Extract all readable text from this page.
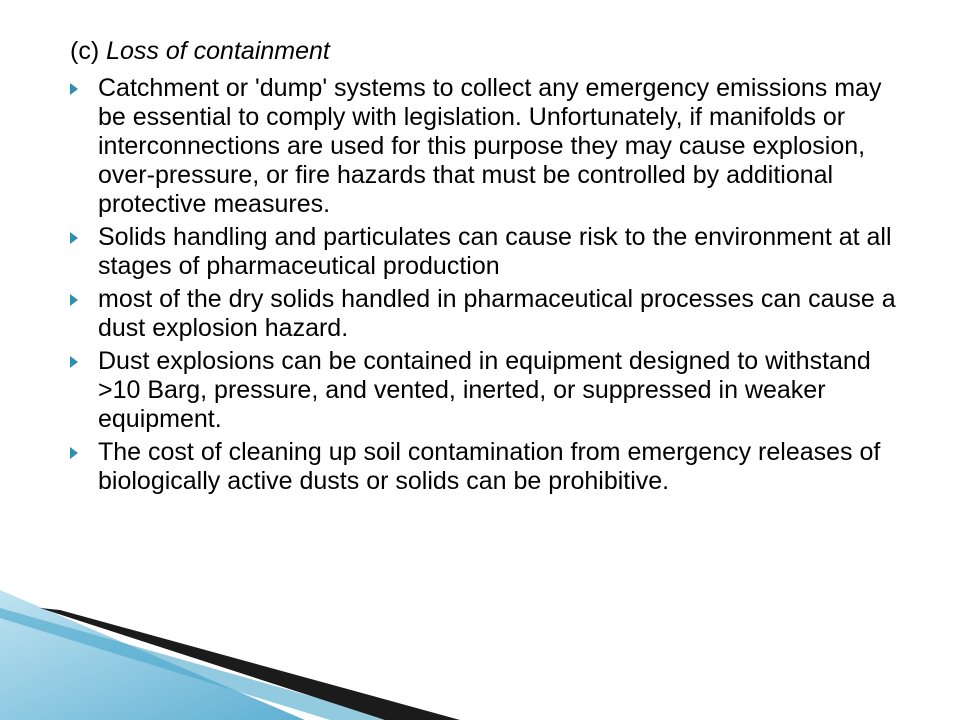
(c) Loss of containment
Catchment or 'dump' systems to collect any emergency emissions may be essential to comply with legislation. Unfortunately, if manifolds or interconnections are used for this purpose they may cause explosion, over-pressure, or fire hazards that must be controlled by additional protective measures.
Solids handling and particulates can cause risk to the environment at all stages of pharmaceutical production
most of the dry solids handled in pharmaceutical processes can cause a dust explosion hazard.
Dust explosions can be contained in equipment designed to withstand >10 Barg, pressure, and vented, inerted, or suppressed in weaker equipment.
The cost of cleaning up soil contamination from emergency releases of biologically active dusts or solids can be prohibitive.
